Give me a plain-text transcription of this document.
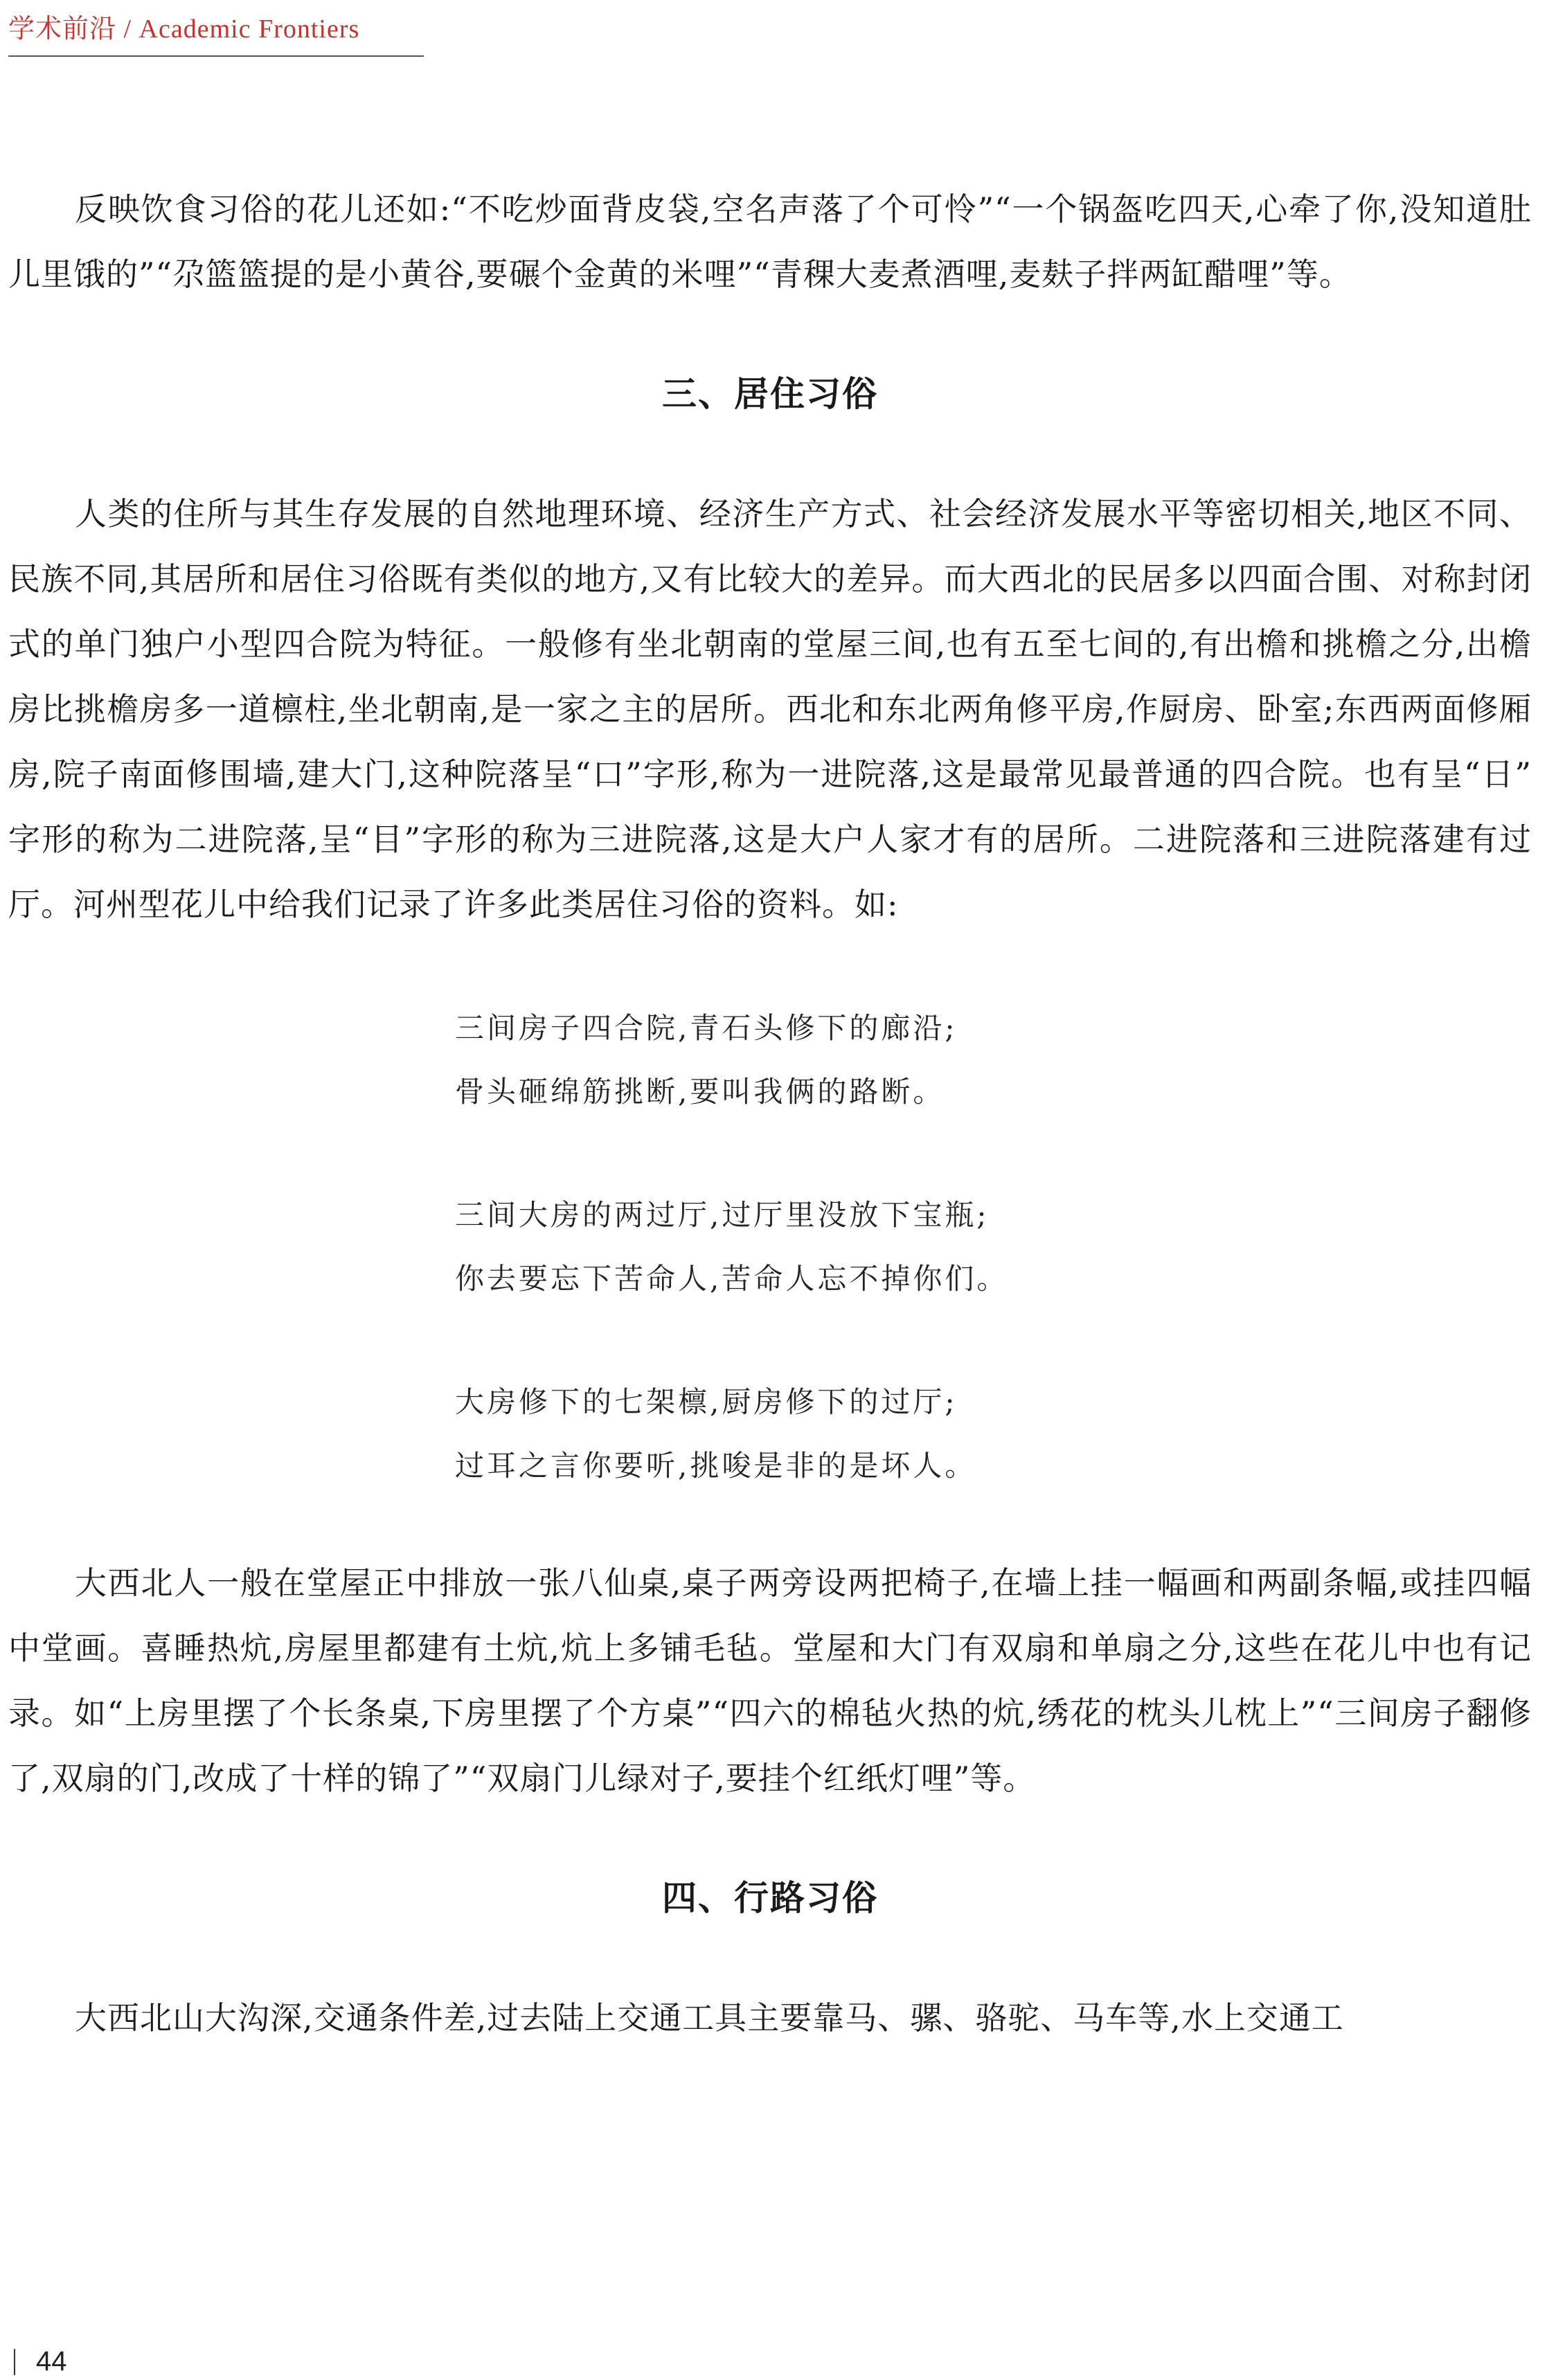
学术前沿 / Academic Frontiers

反映饮食习俗的花儿还如:“不吃炒面背皮袋,空名声落了个可怜”“一个锅盔吃四天,心牵了你,没知道肚儿里饿的”“尕篮篮提的是小黄谷,要碾个金黄的米哩”“青稞大麦煮酒哩,麦麸子拌两缸醋哩”等。

三、居住习俗

人类的住所与其生存发展的自然地理环境、经济生产方式、社会经济发展水平等密切相关,地区不同、民族不同,其居所和居住习俗既有类似的地方,又有比较大的差异。而大西北的民居多以四面合围、对称封闭式的单门独户小型四合院为特征。一般修有坐北朝南的堂屋三间,也有五至七间的,有出檐和挑檐之分,出檐房比挑檐房多一道檩柱,坐北朝南,是一家之主的居所。西北和东北两角修平房,作厨房、卧室;东西两面修厢房,院子南面修围墙,建大门,这种院落呈“口”字形,称为一进院落,这是最常见最普通的四合院。也有呈“日” 字形的称为二进院落,呈“目”字形的称为三进院落,这是大户人家才有的居所。二进院落和三进院落建有过厅。河州型花儿中给我们记录了许多此类居住习俗的资料。如:

三间房子四合院,青石头修下的廊沿;
骨头砸绵筋挑断,要叫我俩的路断。
三间大房的两过厅,过厅里没放下宝瓶;
你去要忘下苦命人,苦命人忘不掉你们。
大房修下的七架檩,厨房修下的过厅;
过耳之言你要听,挑唆是非的是坏人。

大西北人一般在堂屋正中排放一张八仙桌,桌子两旁设两把椅子,在墙上挂一幅画和两副条幅,或挂四幅中堂画。喜睡热炕,房屋里都建有土炕,炕上多铺毛毡。堂屋和大门有双扇和单扇之分,这些在花儿中也有记录。如“上房里摆了个长条桌,下房里摆了个方桌”“四六的棉毡火热的炕,绣花的枕头儿枕上”“三间房子翻修了,双扇的门,改成了十样的锦了”“双扇门儿绿对子,要挂个红纸灯哩”等。

四、行路习俗

大西北山大沟深,交通条件差,过去陆上交通工具主要靠马、骡、骆驼、马车等,水上交通工

44
